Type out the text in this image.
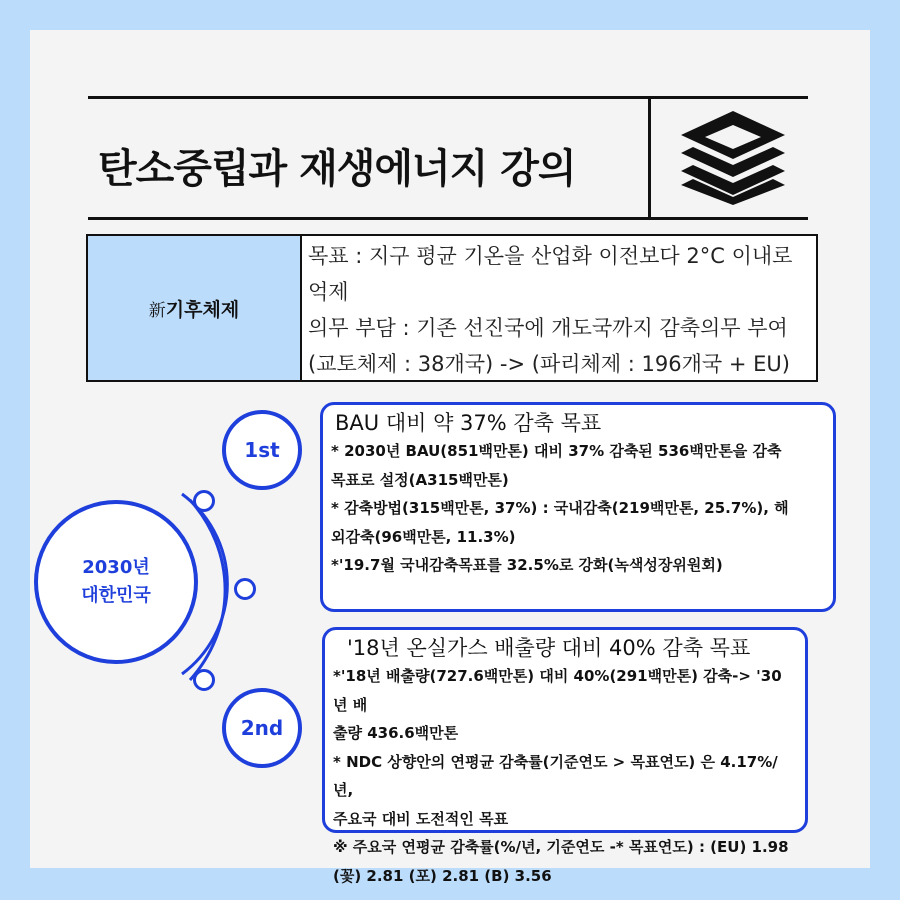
탄소중립과 재생에너지 강의
新 기후체제
목표 : 지구 평균 기온을 산업화 이전보다 2°C 이내로
억제
의무 부담 : 기존 선진국에 개도국까지 감축의무 부여
(교토체제 : 38개국) -> (파리체제 : 196개국 + EU)
2030년
대한민국
1st
2nd
BAU 대비 약 37% 감축 목표

* 2030년 BAU(851백만톤) 대비 37% 감축된 536백만톤을 감축

목표로 설정(A315백만톤)

* 감축방법(315백만톤, 37%) : 국내감축(219백만톤, 25.7%), 해

외감축(96백만톤, 11.3%)

*'19.7월 국내감축목표를 32.5%로 강화(녹색성장위원회)

'18년 온실가스 배출량 대비 40% 감축 목표

*'18년 배출량(727.6백만톤) 대비 40%(291백만톤) 감축-> '30년 배

출량 436.6백만톤

* NDC 상향안의 연평균 감축률(기준연도 > 목표연도) 은 4.17%/년,

주요국 대비 도전적인 목표

※ 주요국 연평균 감축률(%/년, 기준연도 -* 목표연도) : (EU) 1.98

(꽃) 2.81 (포) 2.81 (B) 3.56
